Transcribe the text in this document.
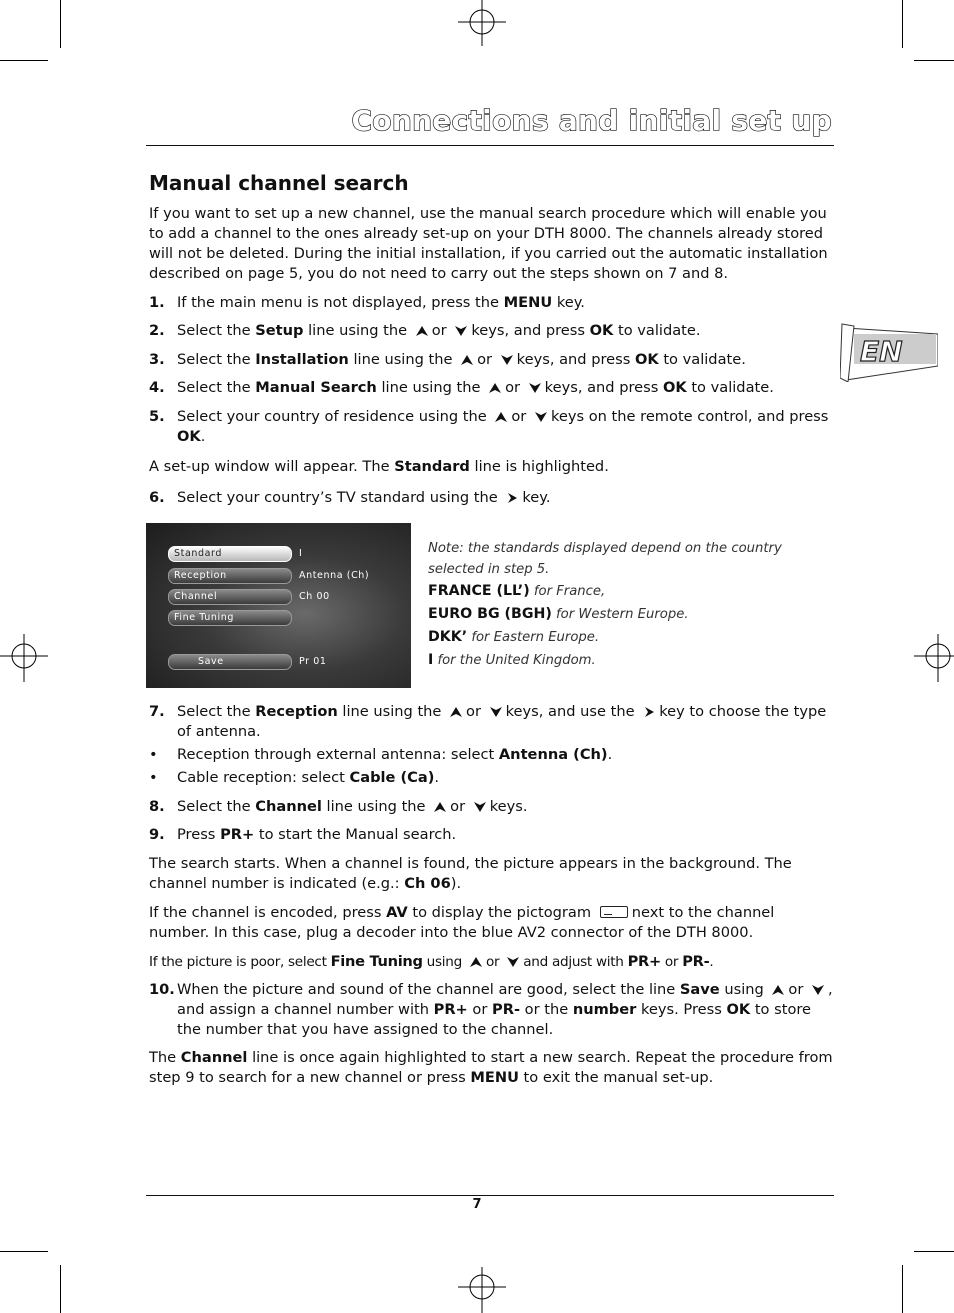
Connections and initial set up
EN
Manual channel search
If you want to set up a new channel, use the manual search procedure which will enable you to add a channel to the ones already set-up on your DTH 8000. The channels already stored will not be deleted. During the initial installation, if you carried out the automatic installation described on page 5, you do not need to carry out the steps shown on 7 and 8.
1. If the main menu is not displayed, press the MENU key.
2. Select the Setup line using the or keys, and press OK to validate.
3. Select the Installation line using the or keys, and press OK to validate.
4. Select the Manual Search line using the or keys, and press OK to validate.
5. Select your country of residence using the or keys on the remote control, and press OK.
A set-up window will appear. The Standard line is highlighted.
6. Select your country’s TV standard using the key.
Standard	I
Reception	Antenna (Ch)
Channel	Ch 00
Fine Tuning
Save	Pr 01
Note: the standards displayed depend on the country selected in step 5.
FRANCE (LL’) for France,
EURO BG (BGH) for Western Europe.
DKK’ for Eastern Europe.
I for the United Kingdom.
7. Select the Reception line using the or keys, and use the key to choose the type of antenna.
• Reception through external antenna: select Antenna (Ch).
• Cable reception: select Cable (Ca).
8. Select the Channel line using the or keys.
9. Press PR+ to start the Manual search.
The search starts. When a channel is found, the picture appears in the background. The channel number is indicated (e.g.: Ch 06).
If the channel is encoded, press AV to display the pictogram	next to the channel number. In this case, plug a decoder into the blue AV2 connector of the DTH 8000.
If the picture is poor, select Fine Tuning using or and adjust with PR+ or PR-.
10. When the picture and sound of the channel are good, select the line Save using or , and assign a channel number with PR+ or PR- or the number keys. Press OK to store the number that you have assigned to the channel.
The Channel line is once again highlighted to start a new search. Repeat the procedure from step 9 to search for a new channel or press MENU to exit the manual set-up.
7
